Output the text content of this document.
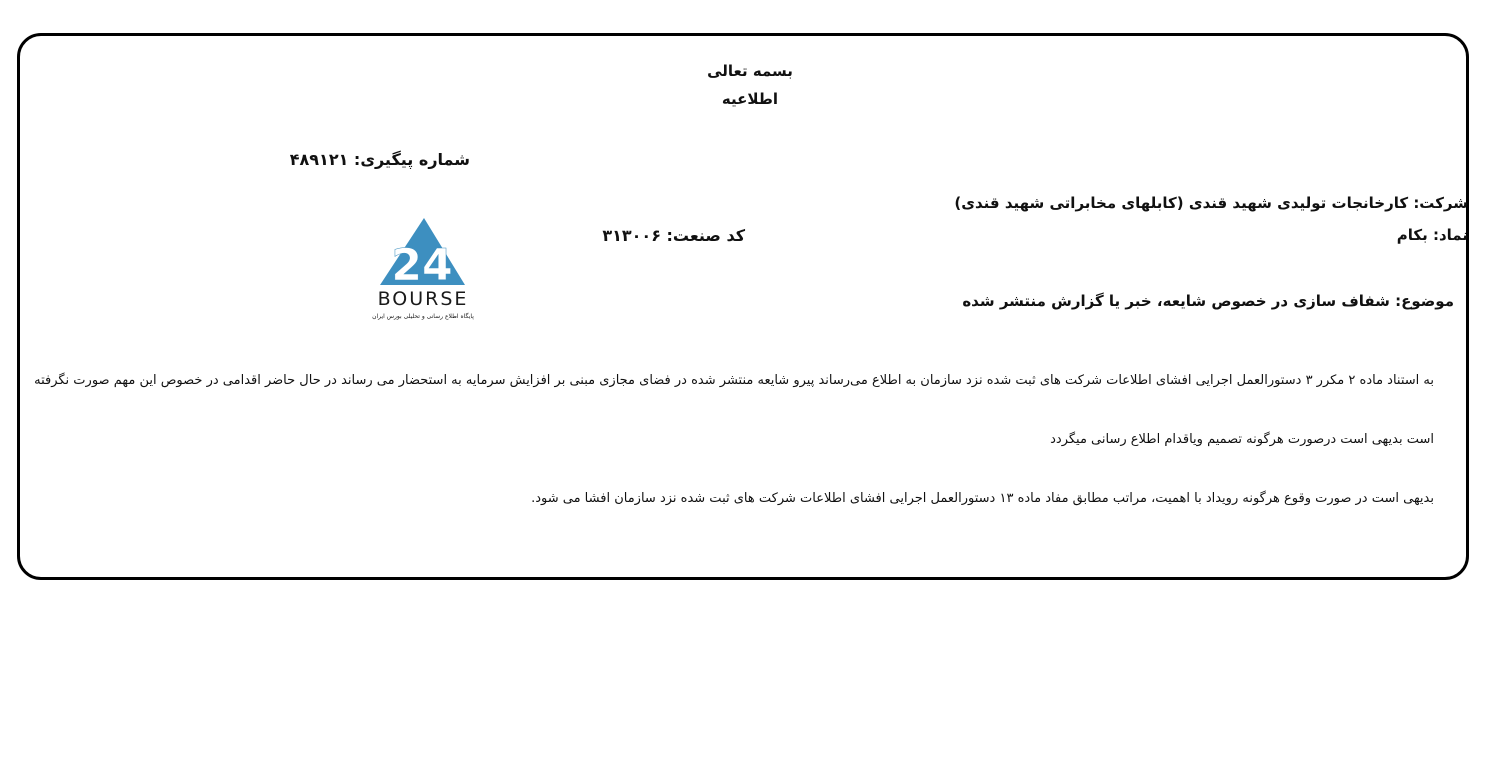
بسمه تعالی
اطلاعیه
شماره پیگیری: ۴۸۹۱۲۱
شرکت: کارخانجات تولیدی شهید قندی (کابلهای مخابراتی شهید قندی)
نماد: بکام
کد صنعت: ۳۱۳۰۰۶
موضوع: شفاف سازی در خصوص شایعه، خبر یا گزارش منتشر شده
24
BOURSE
پایگاه اطلاع رسانی و تحلیلی بورس ایران
به استناد ماده ۲ مکرر ۳ دستورالعمل اجرایی افشای اطلاعات شرکت های ثبت شده نزد سازمان به اطلاع می‌رساند پیرو شایعه منتشر شده در فضای مجازی مبنی بر افزایش سرمایه به استحضار می رساند در حال حاضر اقدامی در خصوص این مهم صورت نگرفته
است بدیهی است درصورت هرگونه تصمیم ویاقدام اطلاع رسانی میگردد
بدیهی است در صورت وقوع هرگونه رویداد با اهمیت، مراتب مطابق مفاد ماده ۱۳ دستورالعمل اجرایی افشای اطلاعات شرکت های ثبت شده نزد سازمان افشا می شود.
